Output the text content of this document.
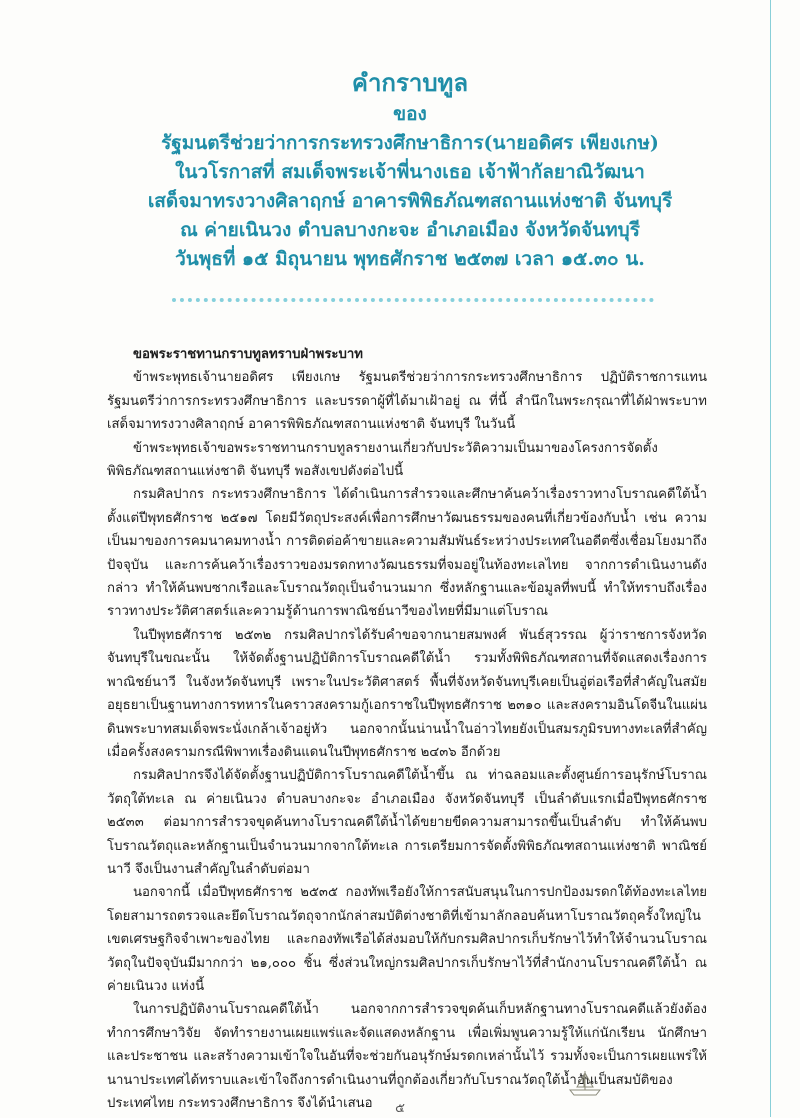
คำกราบทูล

ของ

รัฐมนตรีช่วยว่าการกระทรวงศึกษาธิการ(นายอดิศร เพียงเกษ)

ในวโรกาสที่ สมเด็จพระเจ้าพี่นางเธอ เจ้าฟ้ากัลยาณิวัฒนา

เสด็จมาทรงวางศิลาฤกษ์ อาคารพิพิธภัณฑสถานแห่งชาติ จันทบุรี

ณ ค่ายเนินวง ตำบลบางกะจะ อำเภอเมือง จังหวัดจันทบุรี

วันพุธที่ ๑๕ มิถุนายน พุทธศักราช ๒๕๓๗ เวลา ๑๕.๓๐ น.

ขอพระราชทานกราบทูลทราบฝ่าพระบาท

ข้าพระพุทธเจ้านายอดิศร เพียงเกษ รัฐมนตรีช่วยว่าการกระทรวงศึกษาธิการ ปฏิบัติราชการแทนรัฐมนตรีว่าการกระทรวงศึกษาธิการ และบรรดาผู้ที่ได้มาเฝ้าอยู่ ณ ที่นี้ สำนึกในพระกรุณาที่ได้ฝ่าพระบาทเสด็จมาทรงวางศิลาฤกษ์ อาคารพิพิธภัณฑสถานแห่งชาติ จันทบุรี ในวันนี้

ข้าพระพุทธเจ้าขอพระราชทานกราบทูลรายงานเกี่ยวกับประวัติความเป็นมาของโครงการจัดตั้งพิพิธภัณฑสถานแห่งชาติ จันทบุรี พอสังเขปดังต่อไปนี้

กรมศิลปากร กระทรวงศึกษาธิการ ได้ดำเนินการสำรวจและศึกษาค้นคว้าเรื่องราวทางโบราณคดีใต้น้ำ ตั้งแต่ปีพุทธศักราช ๒๕๑๗ โดยมีวัตถุประสงค์เพื่อการศึกษาวัฒนธรรมของคนที่เกี่ยวข้องกับน้ำ เช่น ความเป็นมาของการคมนาคมทางน้ำ การติดต่อค้าขายและความสัมพันธ์ระหว่างประเทศในอดีตซึ่งเชื่อมโยงมาถึงปัจจุบัน และการค้นคว้าเรื่องราวของมรดกทางวัฒนธรรมที่จมอยู่ในท้องทะเลไทย จากการดำเนินงานดังกล่าว ทำให้ค้นพบซากเรือและโบราณวัตถุเป็นจำนวนมาก ซึ่งหลักฐานและข้อมูลที่พบนี้ ทำให้ทราบถึงเรื่องราวทางประวัติศาสตร์และความรู้ด้านการพาณิชย์นาวีของไทยที่มีมาแต่โบราณ

ในปีพุทธศักราช ๒๕๓๒ กรมศิลปากรได้รับคำขอจากนายสมพงศ์ พันธ์สุวรรณ ผู้ว่าราชการจังหวัดจันทบุรีในขณะนั้น ให้จัดตั้งฐานปฏิบัติการโบราณคดีใต้น้ำ รวมทั้งพิพิธภัณฑสถานที่จัดแสดงเรื่องการพาณิชย์นาวี ในจังหวัดจันทบุรี เพราะในประวัติศาสตร์ พื้นที่จังหวัดจันทบุรีเคยเป็นอู่ต่อเรือที่สำคัญในสมัยอยุธยาเป็นฐานทางการทหารในคราวสงครามกู้เอกราชในปีพุทธศักราช ๒๓๑๐ และสงครามอินโดจีนในแผ่นดินพระบาทสมเด็จพระนั่งเกล้าเจ้าอยู่หัว นอกจากนั้นน่านน้ำในอ่าวไทยยังเป็นสมรภูมิรบทางทะเลที่สำคัญเมื่อครั้งสงครามกรณีพิพาทเรื่องดินแดนในปีพุทธศักราช ๒๔๓๖ อีกด้วย

กรมศิลปากรจึงได้จัดตั้งฐานปฏิบัติการโบราณคดีใต้น้ำขึ้น ณ ท่าฉลอมและตั้งศูนย์การอนุรักษ์โบราณวัตถุใต้ทะเล ณ ค่ายเนินวง ตำบลบางกะจะ อำเภอเมือง จังหวัดจันทบุรี เป็นลำดับแรกเมื่อปีพุทธศักราช ๒๕๓๓ ต่อมาการสำรวจขุดค้นทางโบราณคดีใต้น้ำได้ขยายขีดความสามารถขึ้นเป็นลำดับ ทำให้ค้นพบโบราณวัตถุและหลักฐานเป็นจำนวนมากจากใต้ทะเล การเตรียมการจัดตั้งพิพิธภัณฑสถานแห่งชาติ พาณิชย์นาวี จึงเป็นงานสำคัญในลำดับต่อมา

นอกจากนี้ เมื่อปีพุทธศักราช ๒๕๓๕ กองทัพเรือยังให้การสนับสนุนในการปกป้องมรดกใต้ท้องทะเลไทยโดยสามารถตรวจและยึดโบราณวัตถุจากนักล่าสมบัติต่างชาติที่เข้ามาลักลอบค้นหาโบราณวัตถุครั้งใหญ่ในเขตเศรษฐกิจจำเพาะของไทย และกองทัพเรือได้ส่งมอบให้กับกรมศิลปากรเก็บรักษาไว้ทำให้จำนวนโบราณวัตถุในปัจจุบันมีมากกว่า ๒๑,๐๐๐ ชิ้น ซึ่งส่วนใหญ่กรมศิลปากรเก็บรักษาไว้ที่สำนักงานโบราณคดีใต้น้ำ ณ ค่ายเนินวง แห่งนี้

ในการปฏิบัติงานโบราณคดีใต้น้ำ นอกจากการสำรวจขุดค้นเก็บหลักฐานทางโบราณคดีแล้วยังต้องทำการศึกษาวิจัย จัดทำรายงานเผยแพร่และจัดแสดงหลักฐาน เพื่อเพิ่มพูนความรู้ให้แก่นักเรียน นักศึกษา และประชาชน และสร้างความเข้าใจในอันที่จะช่วยกันอนุรักษ์มรดกเหล่านั้นไว้ รวมทั้งจะเป็นการเผยแพร่ให้นานาประเทศได้ทราบและเข้าใจถึงการดำเนินงานที่ถูกต้องเกี่ยวกับโบราณวัตถุใต้น้ำอันเป็นสมบัติของประเทศไทย กระทรวงศึกษาธิการ จึงได้นำเสนอ	๕
